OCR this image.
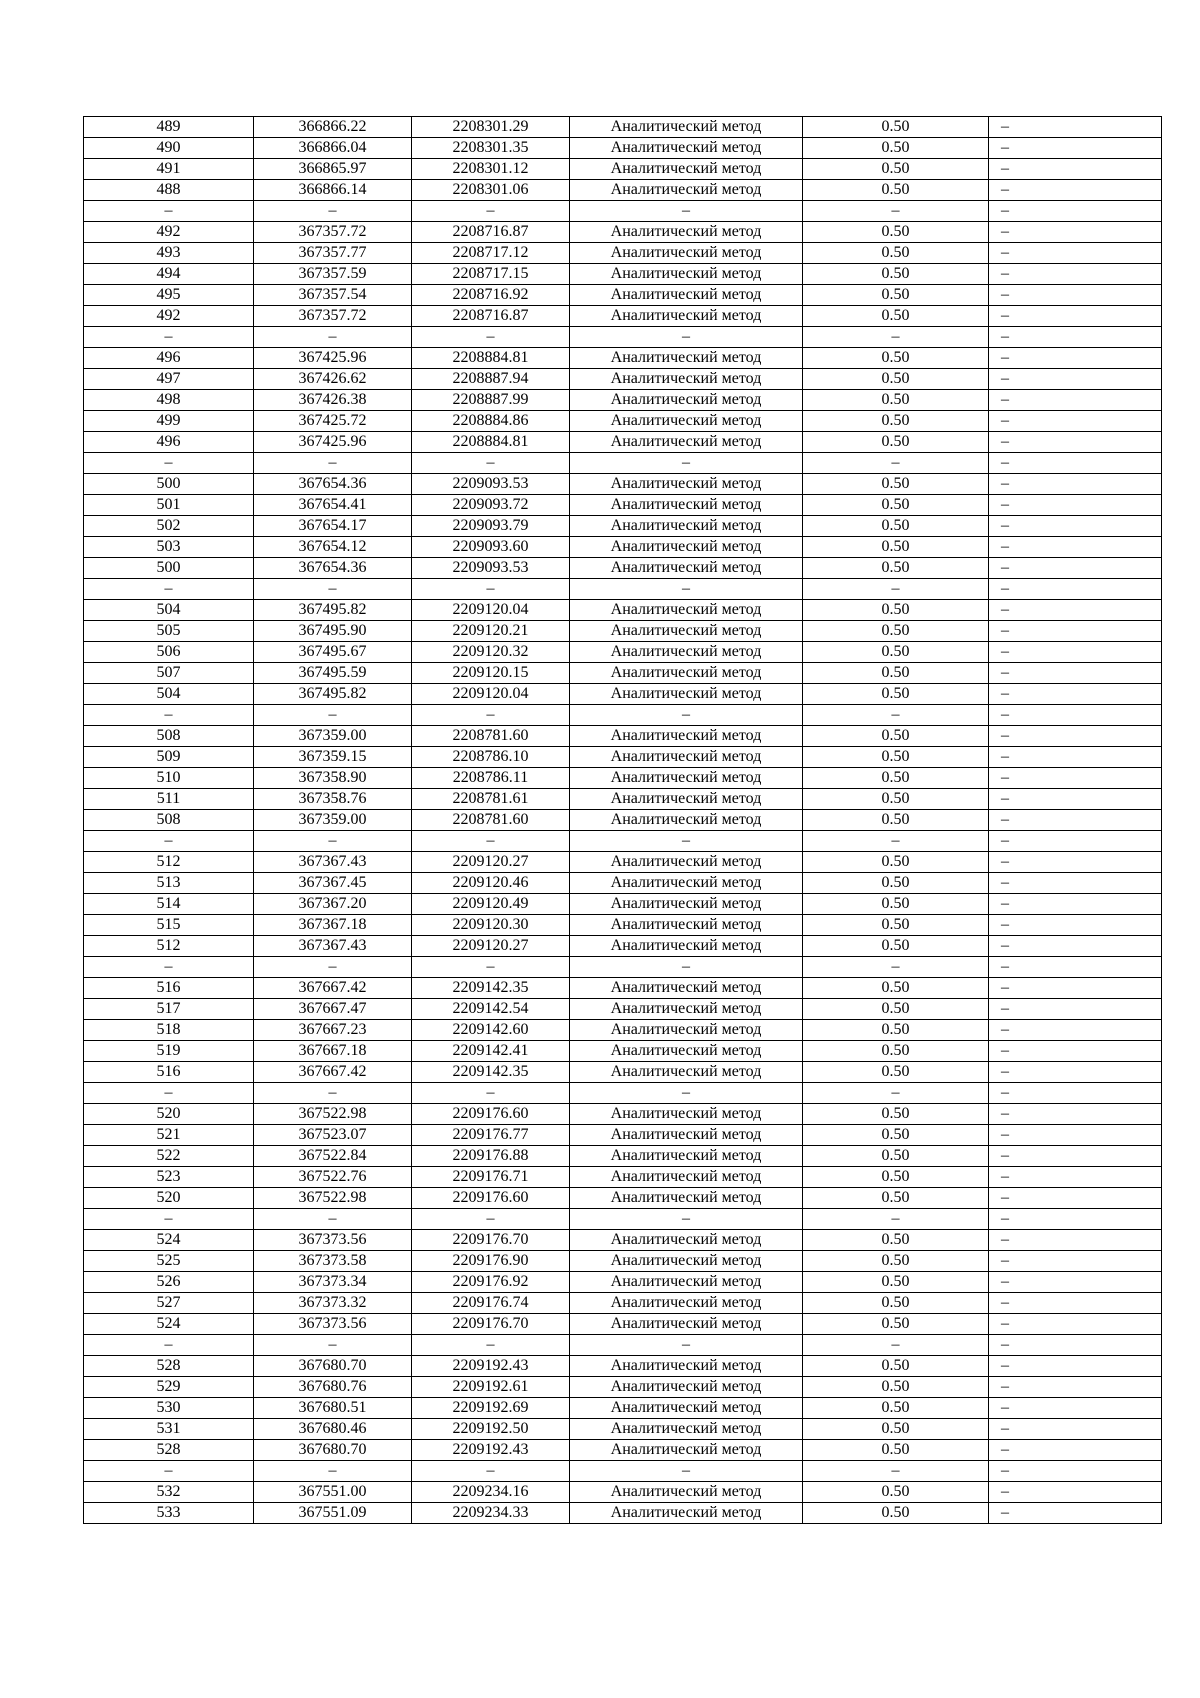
489	366866.22	2208301.29	Аналитический метод	0.50	–
490	366866.04	2208301.35	Аналитический метод	0.50	–
491	366865.97	2208301.12	Аналитический метод	0.50	–
488	366866.14	2208301.06	Аналитический метод	0.50	–
–	–	–	–	–	–
492	367357.72	2208716.87	Аналитический метод	0.50	–
493	367357.77	2208717.12	Аналитический метод	0.50	–
494	367357.59	2208717.15	Аналитический метод	0.50	–
495	367357.54	2208716.92	Аналитический метод	0.50	–
492	367357.72	2208716.87	Аналитический метод	0.50	–
–	–	–	–	–	–
496	367425.96	2208884.81	Аналитический метод	0.50	–
497	367426.62	2208887.94	Аналитический метод	0.50	–
498	367426.38	2208887.99	Аналитический метод	0.50	–
499	367425.72	2208884.86	Аналитический метод	0.50	–
496	367425.96	2208884.81	Аналитический метод	0.50	–
–	–	–	–	–	–
500	367654.36	2209093.53	Аналитический метод	0.50	–
501	367654.41	2209093.72	Аналитический метод	0.50	–
502	367654.17	2209093.79	Аналитический метод	0.50	–
503	367654.12	2209093.60	Аналитический метод	0.50	–
500	367654.36	2209093.53	Аналитический метод	0.50	–
–	–	–	–	–	–
504	367495.82	2209120.04	Аналитический метод	0.50	–
505	367495.90	2209120.21	Аналитический метод	0.50	–
506	367495.67	2209120.32	Аналитический метод	0.50	–
507	367495.59	2209120.15	Аналитический метод	0.50	–
504	367495.82	2209120.04	Аналитический метод	0.50	–
–	–	–	–	–	–
508	367359.00	2208781.60	Аналитический метод	0.50	–
509	367359.15	2208786.10	Аналитический метод	0.50	–
510	367358.90	2208786.11	Аналитический метод	0.50	–
511	367358.76	2208781.61	Аналитический метод	0.50	–
508	367359.00	2208781.60	Аналитический метод	0.50	–
–	–	–	–	–	–
512	367367.43	2209120.27	Аналитический метод	0.50	–
513	367367.45	2209120.46	Аналитический метод	0.50	–
514	367367.20	2209120.49	Аналитический метод	0.50	–
515	367367.18	2209120.30	Аналитический метод	0.50	–
512	367367.43	2209120.27	Аналитический метод	0.50	–
–	–	–	–	–	–
516	367667.42	2209142.35	Аналитический метод	0.50	–
517	367667.47	2209142.54	Аналитический метод	0.50	–
518	367667.23	2209142.60	Аналитический метод	0.50	–
519	367667.18	2209142.41	Аналитический метод	0.50	–
516	367667.42	2209142.35	Аналитический метод	0.50	–
–	–	–	–	–	–
520	367522.98	2209176.60	Аналитический метод	0.50	–
521	367523.07	2209176.77	Аналитический метод	0.50	–
522	367522.84	2209176.88	Аналитический метод	0.50	–
523	367522.76	2209176.71	Аналитический метод	0.50	–
520	367522.98	2209176.60	Аналитический метод	0.50	–
–	–	–	–	–	–
524	367373.56	2209176.70	Аналитический метод	0.50	–
525	367373.58	2209176.90	Аналитический метод	0.50	–
526	367373.34	2209176.92	Аналитический метод	0.50	–
527	367373.32	2209176.74	Аналитический метод	0.50	–
524	367373.56	2209176.70	Аналитический метод	0.50	–
–	–	–	–	–	–
528	367680.70	2209192.43	Аналитический метод	0.50	–
529	367680.76	2209192.61	Аналитический метод	0.50	–
530	367680.51	2209192.69	Аналитический метод	0.50	–
531	367680.46	2209192.50	Аналитический метод	0.50	–
528	367680.70	2209192.43	Аналитический метод	0.50	–
–	–	–	–	–	–
532	367551.00	2209234.16	Аналитический метод	0.50	–
533	367551.09	2209234.33	Аналитический метод	0.50	–
